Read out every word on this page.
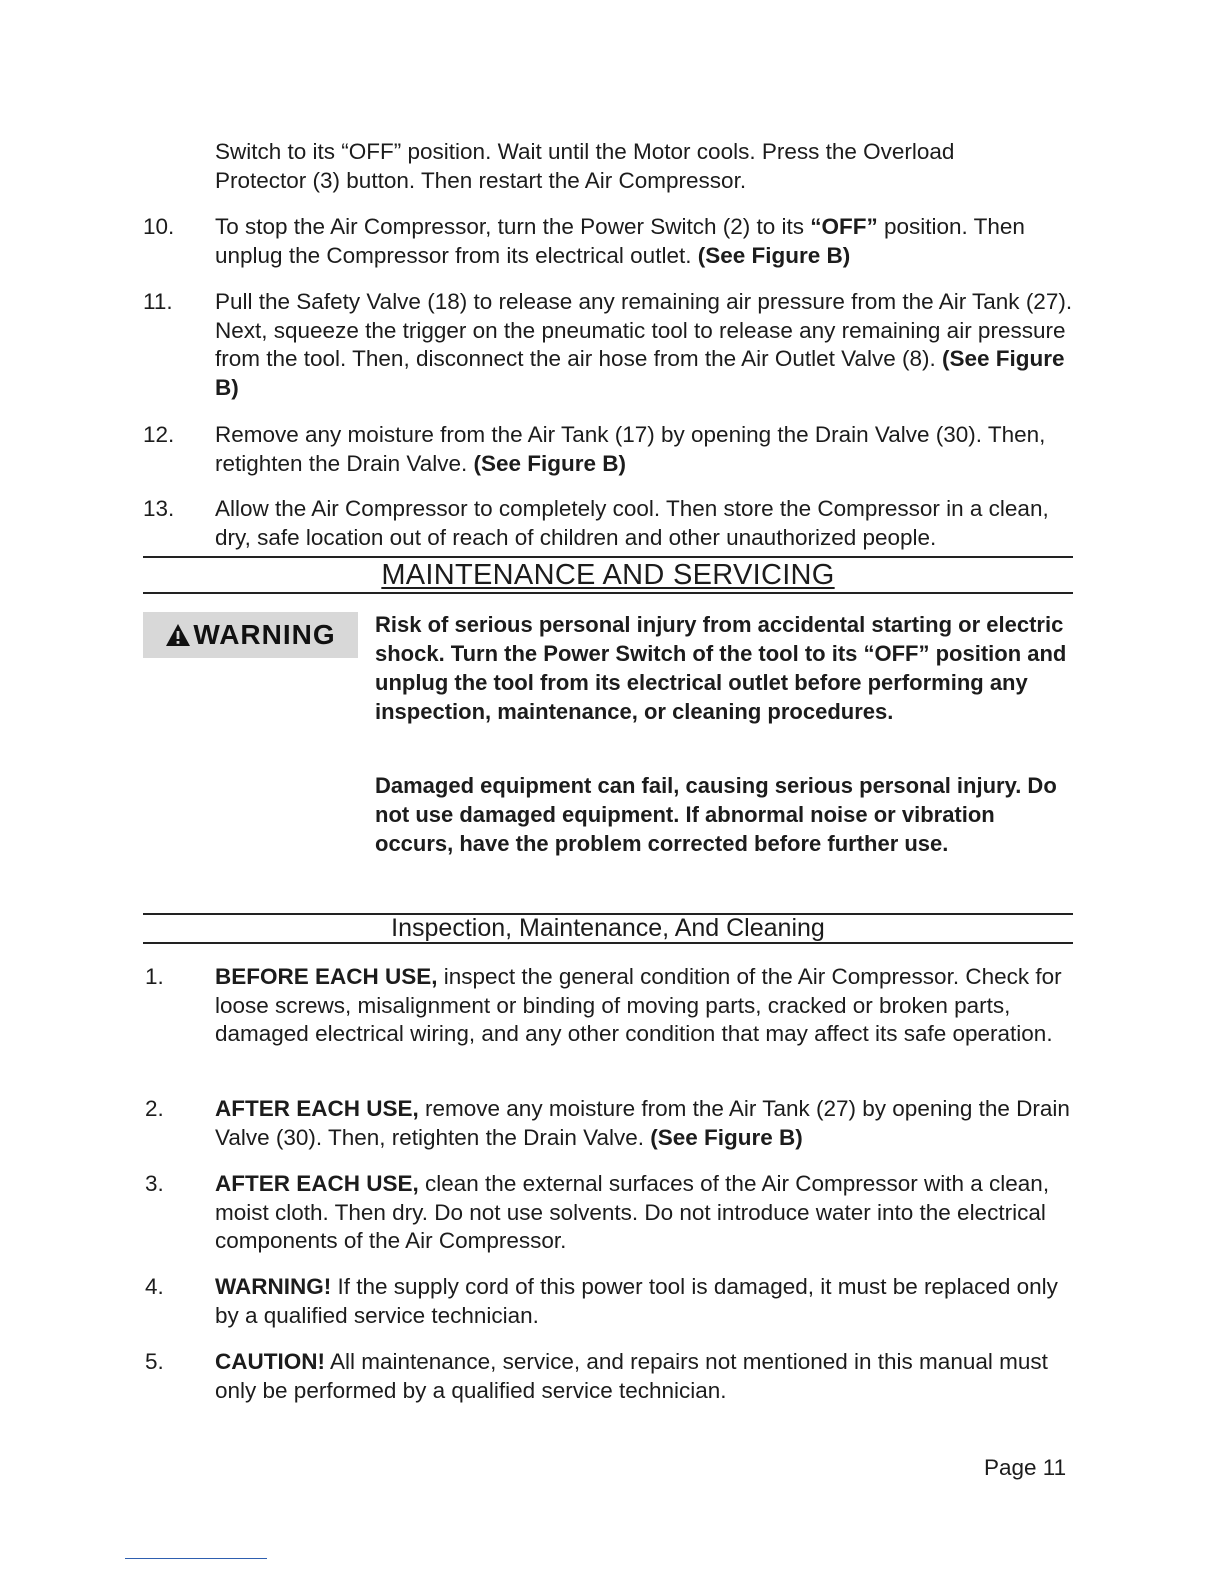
Switch to its “OFF” position. Wait until the Motor cools. Press the Overload
Protector (3) button. Then restart the Air Compressor.
10. To stop the Air Compressor, turn the Power Switch (2) to its “OFF” position. Then unplug the Compressor from its electrical outlet. (See Figure B)
11. Pull the Safety Valve (18) to release any remaining air pressure from the Air Tank (27). Next, squeeze the trigger on the pneumatic tool to release any remaining air pressure from the tool. Then, disconnect the air hose from the Air Outlet Valve (8). (See Figure B)
12. Remove any moisture from the Air Tank (17) by opening the Drain Valve (30). Then, retighten the Drain Valve. (See Figure B)
13. Allow the Air Compressor to completely cool. Then store the Compressor in a clean, dry, safe location out of reach of children and other unauthorized people.
MAINTENANCE AND SERVICING
WARNING Risk of serious personal injury from accidental starting or electric shock. Turn the Power Switch of the tool to its “OFF” position and unplug the tool from its electrical outlet before performing any inspection, maintenance, or cleaning procedures.
Damaged equipment can fail, causing serious personal injury. Do not use damaged equipment. If abnormal noise or vibration occurs, have the problem corrected before further use.
Inspection, Maintenance, And Cleaning
1. BEFORE EACH USE, inspect the general condition of the Air Compressor. Check for loose screws, misalignment or binding of moving parts, cracked or broken parts, damaged electrical wiring, and any other condition that may affect its safe operation.
2. AFTER EACH USE, remove any moisture from the Air Tank (27) by opening the Drain Valve (30). Then, retighten the Drain Valve. (See Figure B)
3. AFTER EACH USE, clean the external surfaces of the Air Compressor with a clean, moist cloth. Then dry. Do not use solvents. Do not introduce water into the electrical components of the Air Compressor.
4. WARNING! If the supply cord of this power tool is damaged, it must be replaced only by a qualified service technician.
5. CAUTION! All maintenance, service, and repairs not mentioned in this manual must only be performed by a qualified service technician.
Page 11
